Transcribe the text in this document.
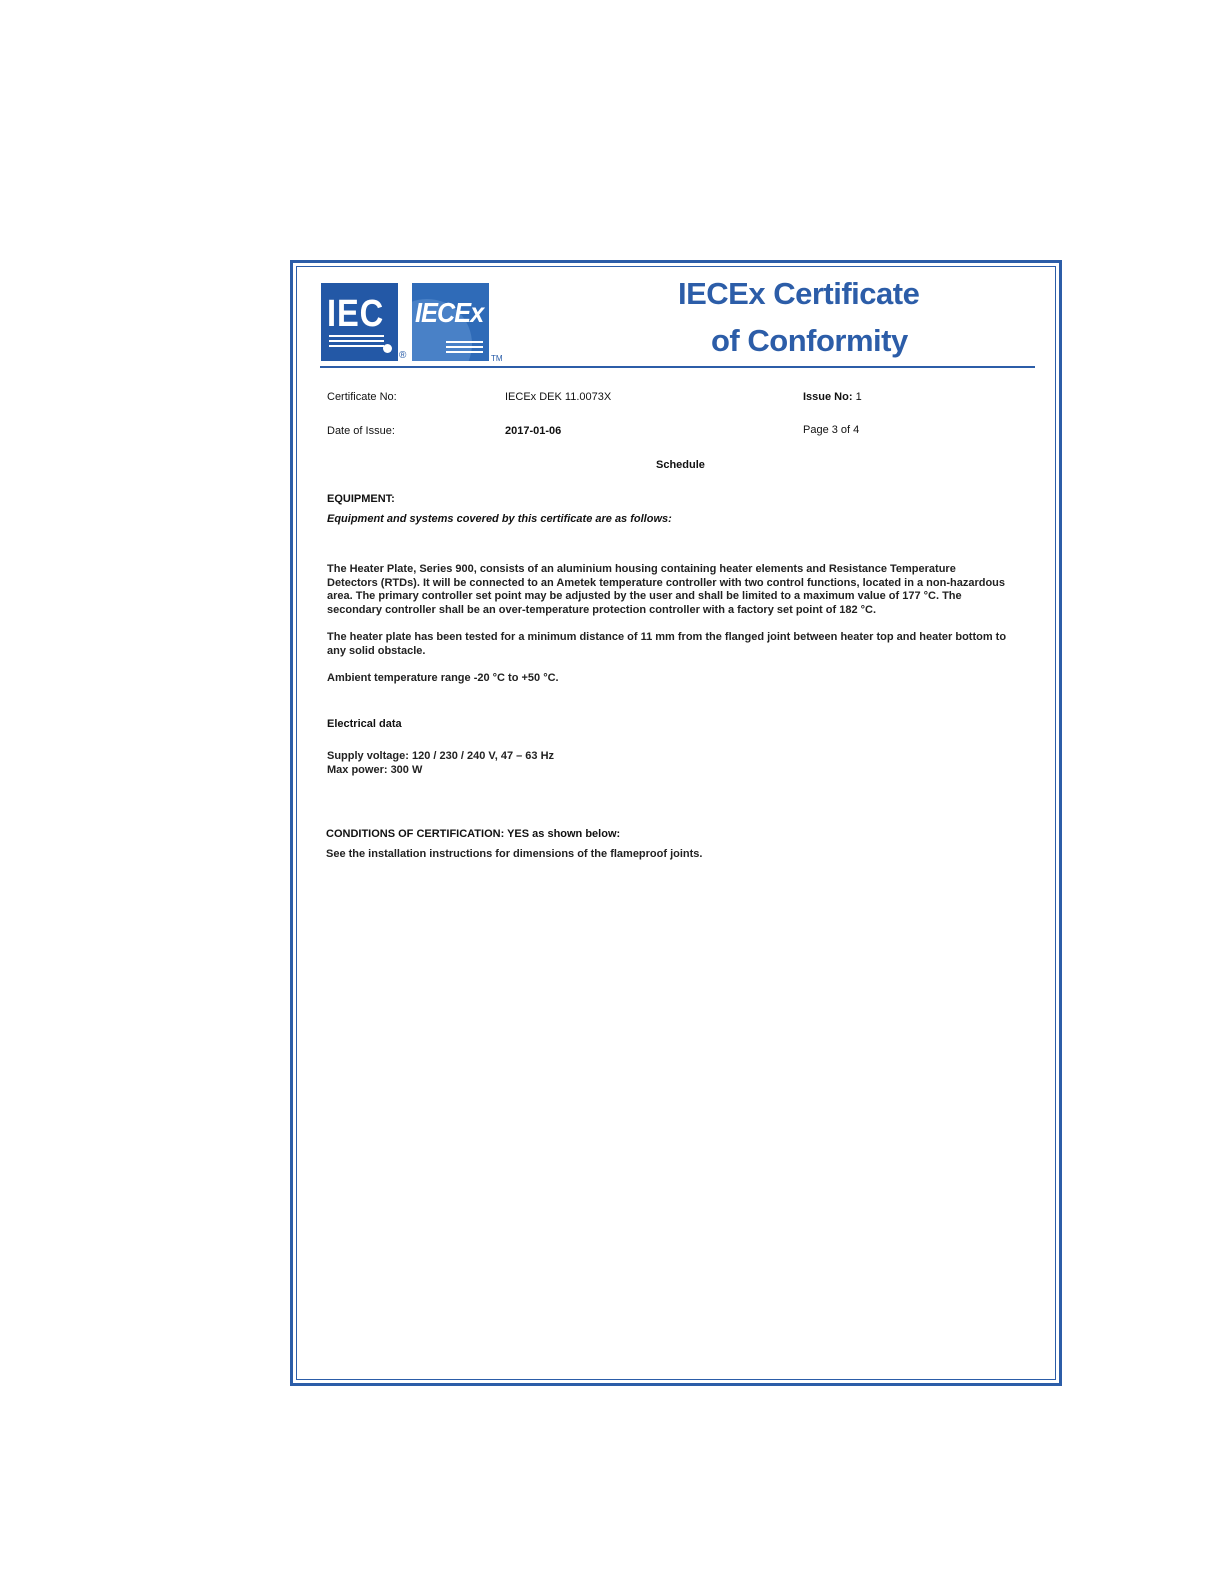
IEC
®
IECEx
TM
IECEx Certificate
of Conformity
Certificate No:	IECEx DEK 11.0073X	Issue No: 1
Date of Issue:	2017-01-06	Page 3 of 4
Schedule
EQUIPMENT:
Equipment and systems covered by this certificate are as follows:
The Heater Plate, Series 900, consists of an aluminium housing containing heater elements and Resistance Temperature Detectors (RTDs). It will be connected to an Ametek temperature controller with two control functions, located in a non-hazardous area. The primary controller set point may be adjusted by the user and shall be limited to a maximum value of 177 °C. The secondary controller shall be an over-temperature protection controller with a factory set point of 182 °C.
The heater plate has been tested for a minimum distance of 11 mm from the flanged joint between heater top and heater bottom to any solid obstacle.
Ambient temperature range -20 °C to +50 °C.
Electrical data
Supply voltage: 120 / 230 / 240 V, 47 – 63 Hz
Max power: 300 W
CONDITIONS OF CERTIFICATION: YES as shown below:
See the installation instructions for dimensions of the flameproof joints.
